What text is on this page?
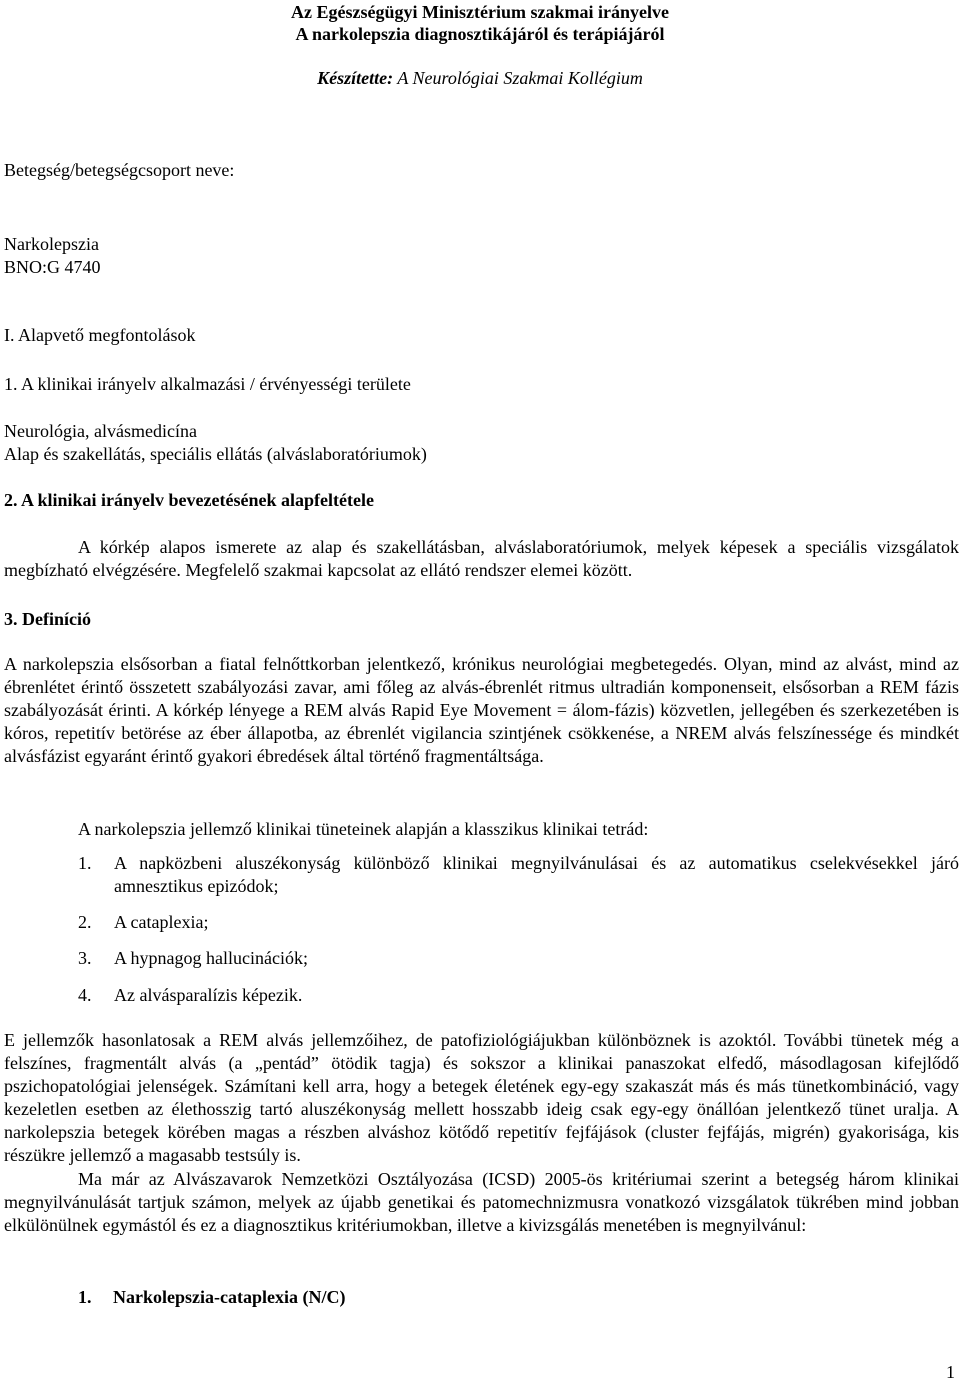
Az Egészségügyi Minisztérium szakmai irányelve
A narkolepszia diagnosztikájáról és terápiájáról
Készítette: A Neurológiai Szakmai Kollégium
Betegség/betegségcsoport neve:
Narkolepszia
BNO:G 4740
I. Alapvető megfontolások
1. A klinikai irányelv alkalmazási / érvényességi területe
Neurológia, alvásmedicína
Alap és szakellátás, speciális ellátás (alváslaboratóriumok)
2. A klinikai irányelv bevezetésének alapfeltétele
A kórkép alapos ismerete az alap és szakellátásban, alváslaboratóriumok, melyek képesek a speciális vizsgálatok megbízható elvégzésére. Megfelelő szakmai kapcsolat az ellátó rendszer elemei között.
3. Definíció
A narkolepszia elsősorban a fiatal felnőttkorban jelentkező, krónikus neurológiai megbetegedés. Olyan, mind az alvást, mind az ébrenlétet érintő összetett szabályozási zavar, ami főleg az alvás-ébrenlét ritmus ultradián komponenseit, elsősorban a REM fázis szabályozását érinti. A kórkép lényege a REM alvás Rapid Eye Movement = álom-fázis) közvetlen, jellegében és szerkezetében is kóros, repetitív betörése az éber állapotba, az ébrenlét vigilancia szintjének csökkenése, a NREM alvás felszínessége és mindkét alvásfázist egyaránt érintő gyakori ébredések által történő fragmentáltsága.
A narkolepszia jellemző klinikai tüneteinek alapján a klasszikus klinikai tetrád:
1. A napközbeni aluszékonyság különböző klinikai megnyilvánulásai és az automatikus cselekvésekkel járó amnesztikus epizódok;
2. A cataplexia;
3. A hypnagog hallucinációk;
4. Az alvásparalízis képezik.
E jellemzők hasonlatosak a REM alvás jellemzőihez, de patofiziológiájukban különböznek is azoktól. További tünetek még a felszínes, fragmentált alvás (a „pentád” ötödik tagja) és sokszor a klinikai panaszokat elfedő, másodlagosan kifejlődő pszichopatológiai jelenségek. Számítani kell arra, hogy a betegek életének egy-egy szakaszát más és más tünetkombináció, vagy kezeletlen esetben az élethosszig tartó aluszékonyság mellett hosszabb ideig csak egy-egy önállóan jelentkező tünet uralja. A narkolepszia betegek körében magas a részben alváshoz kötődő repetitív fejfájások (cluster fejfájás, migrén) gyakorisága, kis részükre jellemző a magasabb testsúly is.
Ma már az Alvászavarok Nemzetközi Osztályozása (ICSD) 2005-ös kritériumai szerint a betegség három klinikai megnyilvánulását tartjuk számon, melyek az újabb genetikai és patomechnizmusra vonatkozó vizsgálatok tükrében mind jobban elkülönülnek egymástól és ez a diagnosztikus kritériumokban, illetve a kivizsgálás menetében is megnyilvánul:
1. Narkolepszia-cataplexia (N/C)
1
